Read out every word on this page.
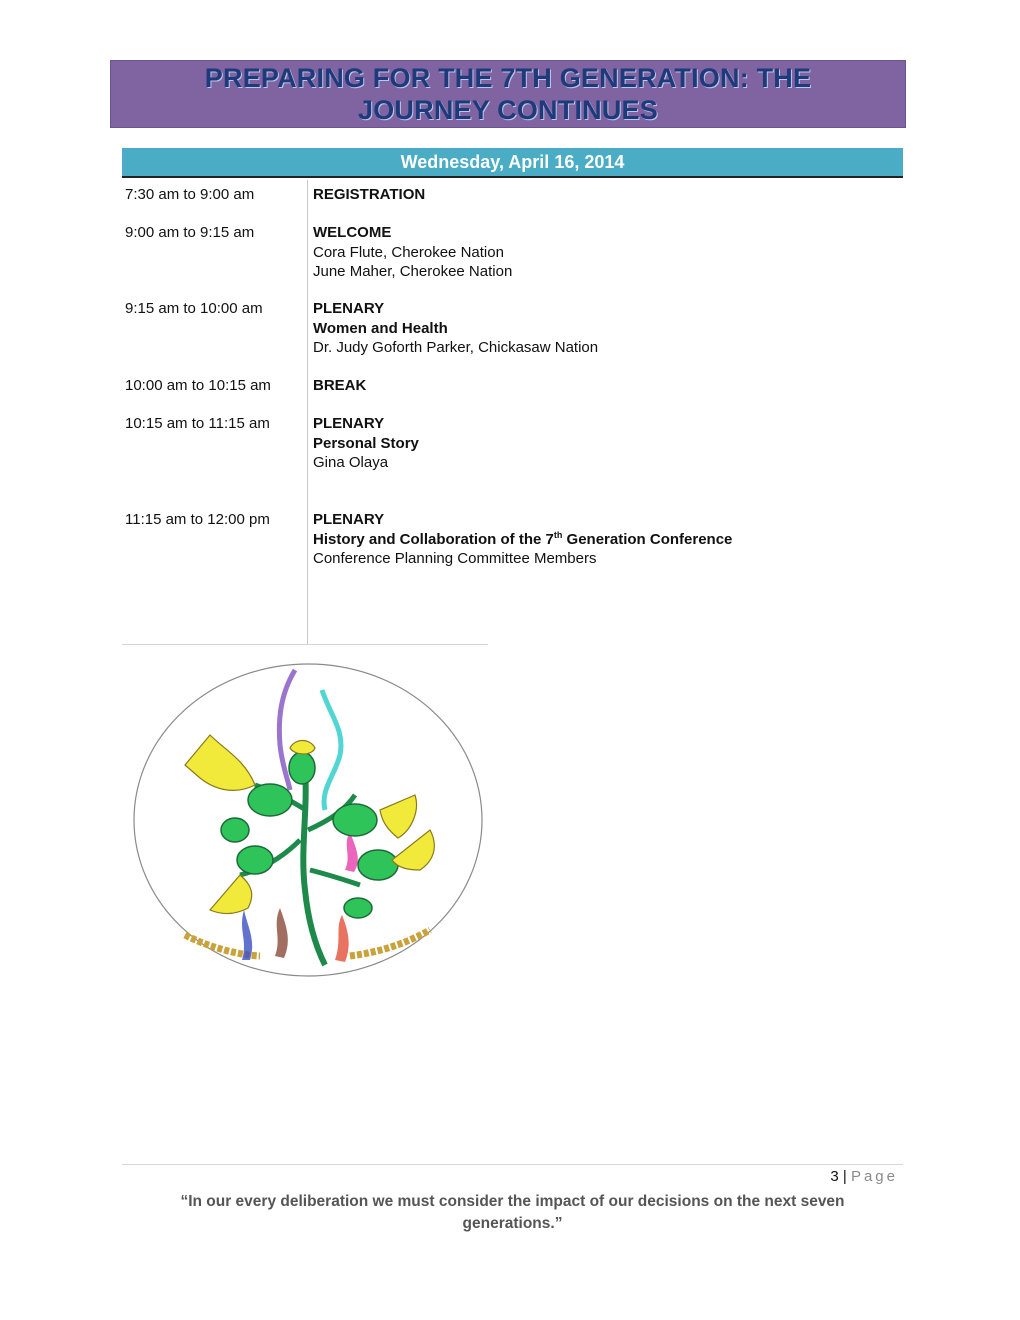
PREPARING FOR THE 7TH GENERATION: THE JOURNEY CONTINUES
Wednesday, April 16, 2014
7:30 am to 9:00 am	REGISTRATION
9:00 am to 9:15 am	WELCOME
Cora Flute, Cherokee Nation
June Maher, Cherokee Nation
9:15 am to 10:00 am	PLENARY
Women and Health
Dr. Judy Goforth Parker, Chickasaw Nation
10:00 am to 10:15 am	BREAK
10:15 am to 11:15 am	PLENARY
Personal Story
Gina Olaya
11:15 am to 12:00 pm	PLENARY
History and Collaboration of the 7th Generation Conference
Conference Planning Committee Members
3 | Page
“In our every deliberation we must consider the impact of our decisions on the next seven generations.”
